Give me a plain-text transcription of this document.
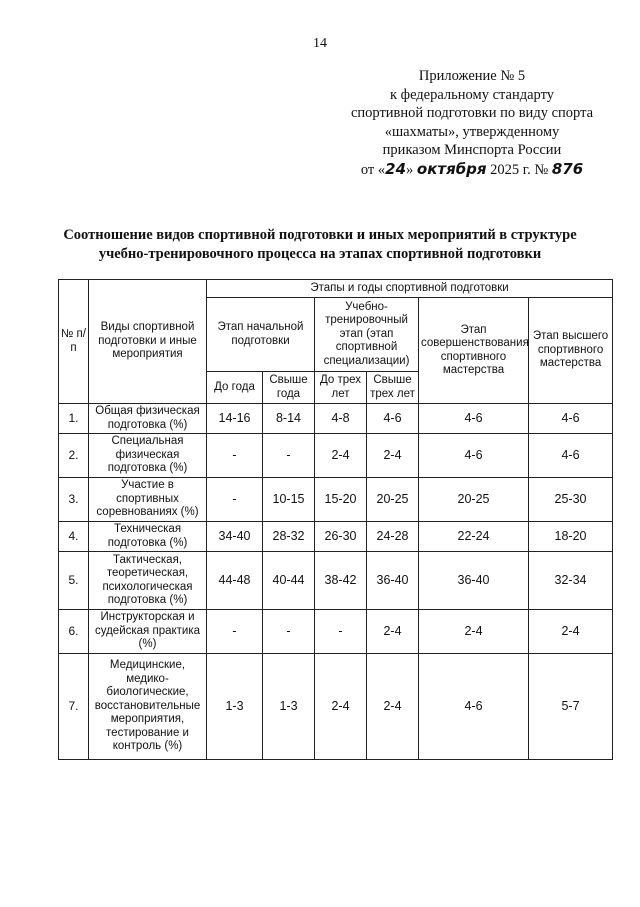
14
Приложение № 5
к федеральному стандарту
спортивной подготовки по виду спорта
«шахматы», утвержденному
приказом Минспорта России
от «24» октября 2025 г. № 876
Соотношение видов спортивной подготовки и иных мероприятий в структуре
учебно-тренировочного процесса на этапах спортивной подготовки
№ п/п	Виды спортивной подготовки и иные мероприятия	Этапы и годы спортивной подготовки					
		Этап начальной подготовки		Учебно-тренировочный этап (этап спортивной специализации)		Этап совершенствования спортивного мастерства	Этап высшего спортивного мастерства
		До года	Свыше года	До трех лет	Свыше трех лет		
1.	Общая физическая подготовка (%)	14-16	8-14	4-8	4-6	4-6	4-6
2.	Специальная физическая подготовка (%)	-	-	2-4	2-4	4-6	4-6
3.	Участие в спортивных соревнованиях (%)	-	10-15	15-20	20-25	20-25	25-30
4.	Техническая подготовка (%)	34-40	28-32	26-30	24-28	22-24	18-20
5.	Тактическая, теоретическая, психологическая подготовка (%)	44-48	40-44	38-42	36-40	36-40	32-34
6.	Инструкторская и судейская практика (%)	-	-	-	2-4	2-4	2-4
7.	Медицинские, медико-биологические, восстановительные мероприятия, тестирование и контроль (%)	1-3	1-3	2-4	2-4	4-6	5-7
